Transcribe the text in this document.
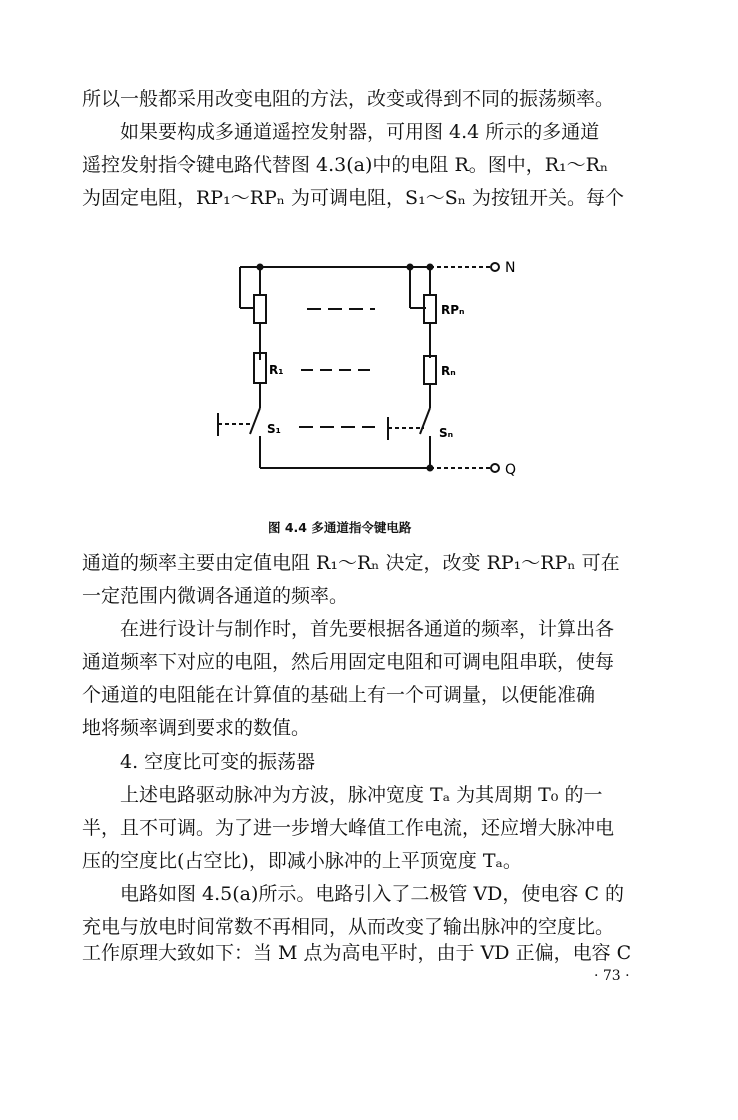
所以一般都采用改变电阻的方法，改变或得到不同的振荡频率。
如果要构成多通道遥控发射器，可用图 4.4 所示的多通道
遥控发射指令键电路代替图 4.3(a)中的电阻 R。图中，R₁～Rₙ
为固定电阻，RP₁～RPₙ 为可调电阻，S₁～Sₙ 为按钮开关。每个
N
Q
RPₙ
R₁	Rₙ
S₁	Sₙ
图 4.4 多通道指令键电路
通道的频率主要由定值电阻 R₁～Rₙ 决定，改变 RP₁～RPₙ 可在
一定范围内微调各通道的频率。
在进行设计与制作时，首先要根据各通道的频率，计算出各
通道频率下对应的电阻，然后用固定电阻和可调电阻串联，使每
个通道的电阻能在计算值的基础上有一个可调量，以便能准确
地将频率调到要求的数值。
4. 空度比可变的振荡器
上述电路驱动脉冲为方波，脉冲宽度 Tₐ 为其周期 T₀ 的一
半，且不可调。为了进一步增大峰值工作电流，还应增大脉冲电
压的空度比(占空比)，即减小脉冲的上平顶宽度 Tₐ。
电路如图 4.5(a)所示。电路引入了二极管 VD，使电容 C 的
充电与放电时间常数不再相同，从而改变了输出脉冲的空度比。
工作原理大致如下：当 M 点为高电平时，由于 VD 正偏，电容 C
· 73 ·
